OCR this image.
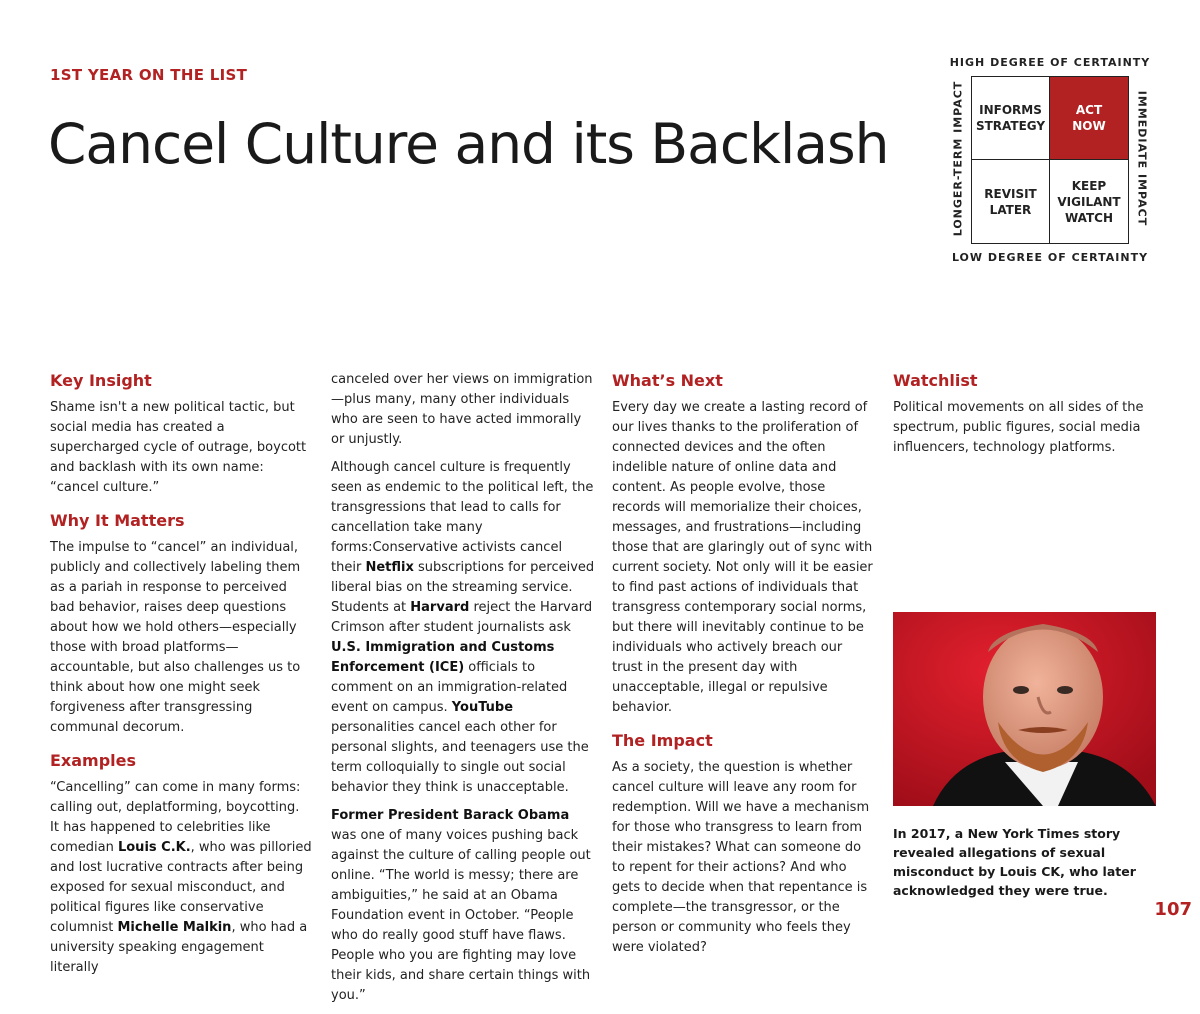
1ST YEAR ON THE LIST
Cancel Culture and its Backlash
HIGH DEGREE OF CERTAINTY
LONGER-TERM IMPACT	IMMEDIATE IMPACT
INFORMS
STRATEGY
ACT
NOW
REVISIT
LATER
KEEP
VIGILANT
WATCH
LOW DEGREE OF CERTAINTY
Key Insight

Shame isn't a new political tactic, but social media has created a supercharged cycle of outrage, boycott and backlash with its own name: “cancel culture.”

Why It Matters

The impulse to “cancel” an individual, publicly and collectively labeling them as a pariah in response to perceived bad behavior, raises deep questions about how we hold others—especially those with broad platforms—accountable, but also challenges us to think about how one might seek forgiveness after transgressing communal decorum.

Examples

“Cancelling” can come in many forms: calling out, deplatforming, boycotting. It has happened to celebrities like comedian Louis C.K., who was pilloried and lost lucrative contracts after being exposed for sexual misconduct, and political figures like conservative columnist Michelle Malkin, who had a university speaking engagement literally

canceled over her views on immigration—plus many, many other individuals who are seen to have acted immorally or unjustly.

Although cancel culture is frequently seen as endemic to the political left, the transgressions that lead to calls for cancellation take many forms:Conservative activists cancel their Netflix subscriptions for perceived liberal bias on the streaming service. Students at Harvard reject the Harvard Crimson after student journalists ask U.S. Immigration and Customs Enforcement (ICE) officials to comment on an immigration-related event on campus. YouTube personalities cancel each other for personal slights, and teenagers use the term colloquially to single out social behavior they think is unacceptable.

Former President Barack Obama was one of many voices pushing back against the culture of calling people out online. “The world is messy; there are ambiguities,” he said at an Obama Foundation event in October. “People who do really good stuff have flaws. People who you are fighting may love their kids, and share certain things with you.”

What’s Next

Every day we create a lasting record of our lives thanks to the proliferation of connected devices and the often indelible nature of online data and content. As people evolve, those records will memorialize their choices, messages, and frustrations—including those that are glaringly out of sync with current society. Not only will it be easier to find past actions of individuals that transgress contemporary social norms, but there will inevitably continue to be individuals who actively breach our trust in the present day with unacceptable, illegal or repulsive behavior.

The Impact

As a society, the question is whether cancel culture will leave any room for redemption. Will we have a mechanism for those who transgress to learn from their mistakes? What can someone do to repent for their actions? And who gets to decide when that repentance is complete—the transgressor, or the person or community who feels they were violated?

Watchlist

Political movements on all sides of the spectrum, public figures, social media influencers, technology platforms.

In 2017, a New York Times story revealed allegations of sexual misconduct by Louis CK, who later acknowledged they were true.
107
